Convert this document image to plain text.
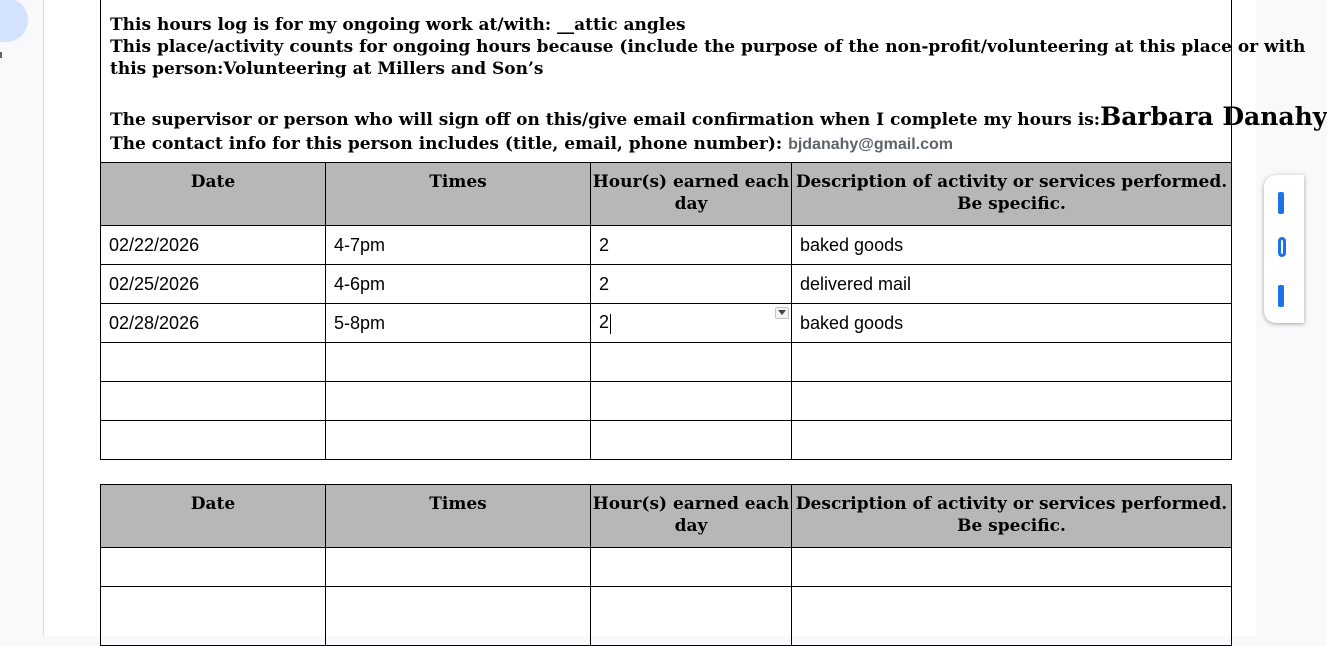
This hours log is for my ongoing work at/with: __attic angles
This place/activity counts for ongoing hours because (include the purpose of the non-profit/volunteering at this place or with
this person:Volunteering at Millers and Son’s
The supervisor or person who will sign off on this/give email confirmation when I complete my hours is:Barbara Danahy
The contact info for this person includes (title, email, phone number): bjdanahy@gmail.com
Date	Times	Hour(s) earned each day	Description of activity or services performed. Be specific.
02/22/2026	4-7pm	2	baked goods
02/25/2026	4-6pm	2	delivered mail
02/28/2026	5-8pm	2	baked goods

Date	Times	Hour(s) earned each day	Description of activity or services performed. Be specific.
